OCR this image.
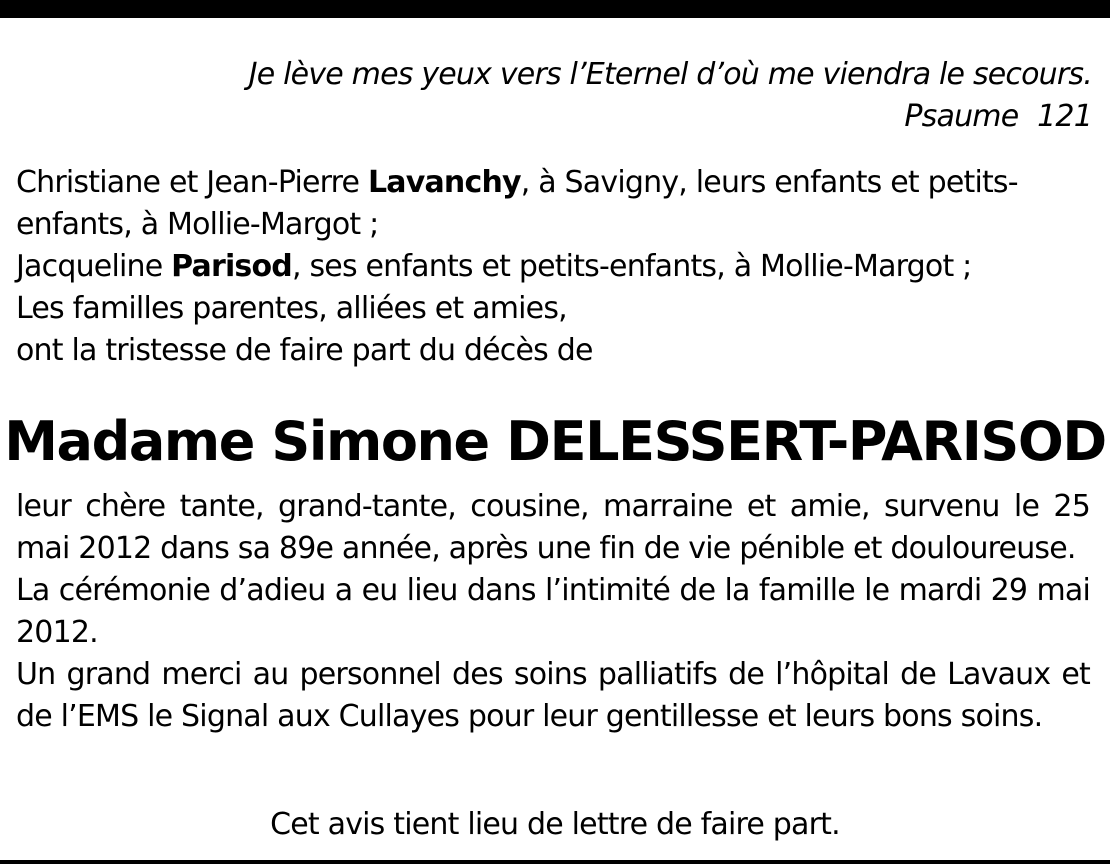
Je lève mes yeux vers l’Eternel d’où me viendra le secours.
Psaume 121
Christiane et Jean-Pierre Lavanchy, à Savigny, leurs enfants et petits-
enfants, à Mollie-Margot ;
Jacqueline Parisod, ses enfants et petits-enfants, à Mollie-Margot ;
Les familles parentes, alliées et amies,
ont la tristesse de faire part du décès de
Madame Simone DELESSERT-PARISOD
leur chère tante, grand-tante, cousine, marraine et amie, survenu le 25 mai 2012 dans sa 89e année, après une fin de vie pénible et douloureuse.
La cérémonie d’adieu a eu lieu dans l’intimité de la famille le mardi 29 mai 2012.
Un grand merci au personnel des soins palliatifs de l’hôpital de Lavaux et de l’EMS le Signal aux Cullayes pour leur gentillesse et leurs bons soins.
Cet avis tient lieu de lettre de faire part.
